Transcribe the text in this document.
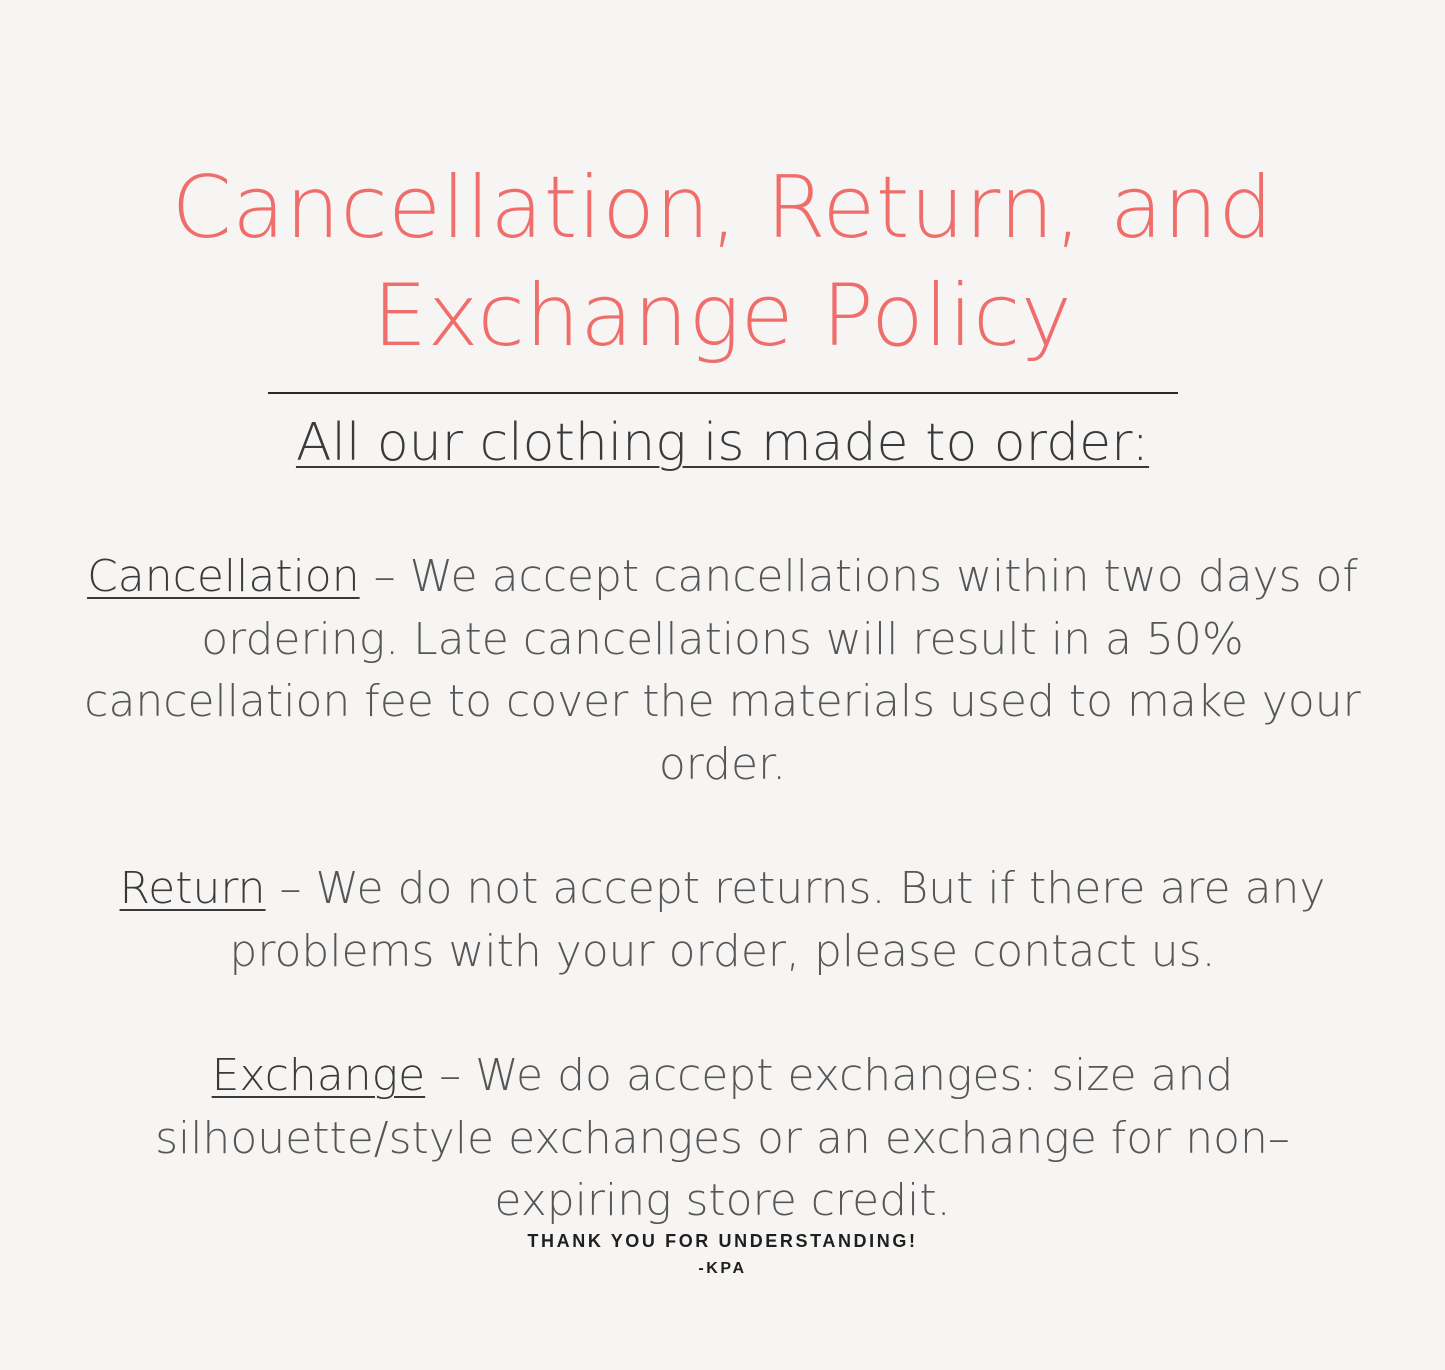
Cancellation, Return, and Exchange Policy
All our clothing is made to order:

Cancellation – We accept cancellations within two days of ordering. Late cancellations will result in a 50% cancellation fee to cover the materials used to make your order.

Return – We do not accept returns. But if there are any problems with your order, please contact us.

Exchange – We do accept exchanges: size and silhouette/style exchanges or an exchange for non–expiring store credit.

THANK YOU FOR UNDERSTANDING!

-KPA
